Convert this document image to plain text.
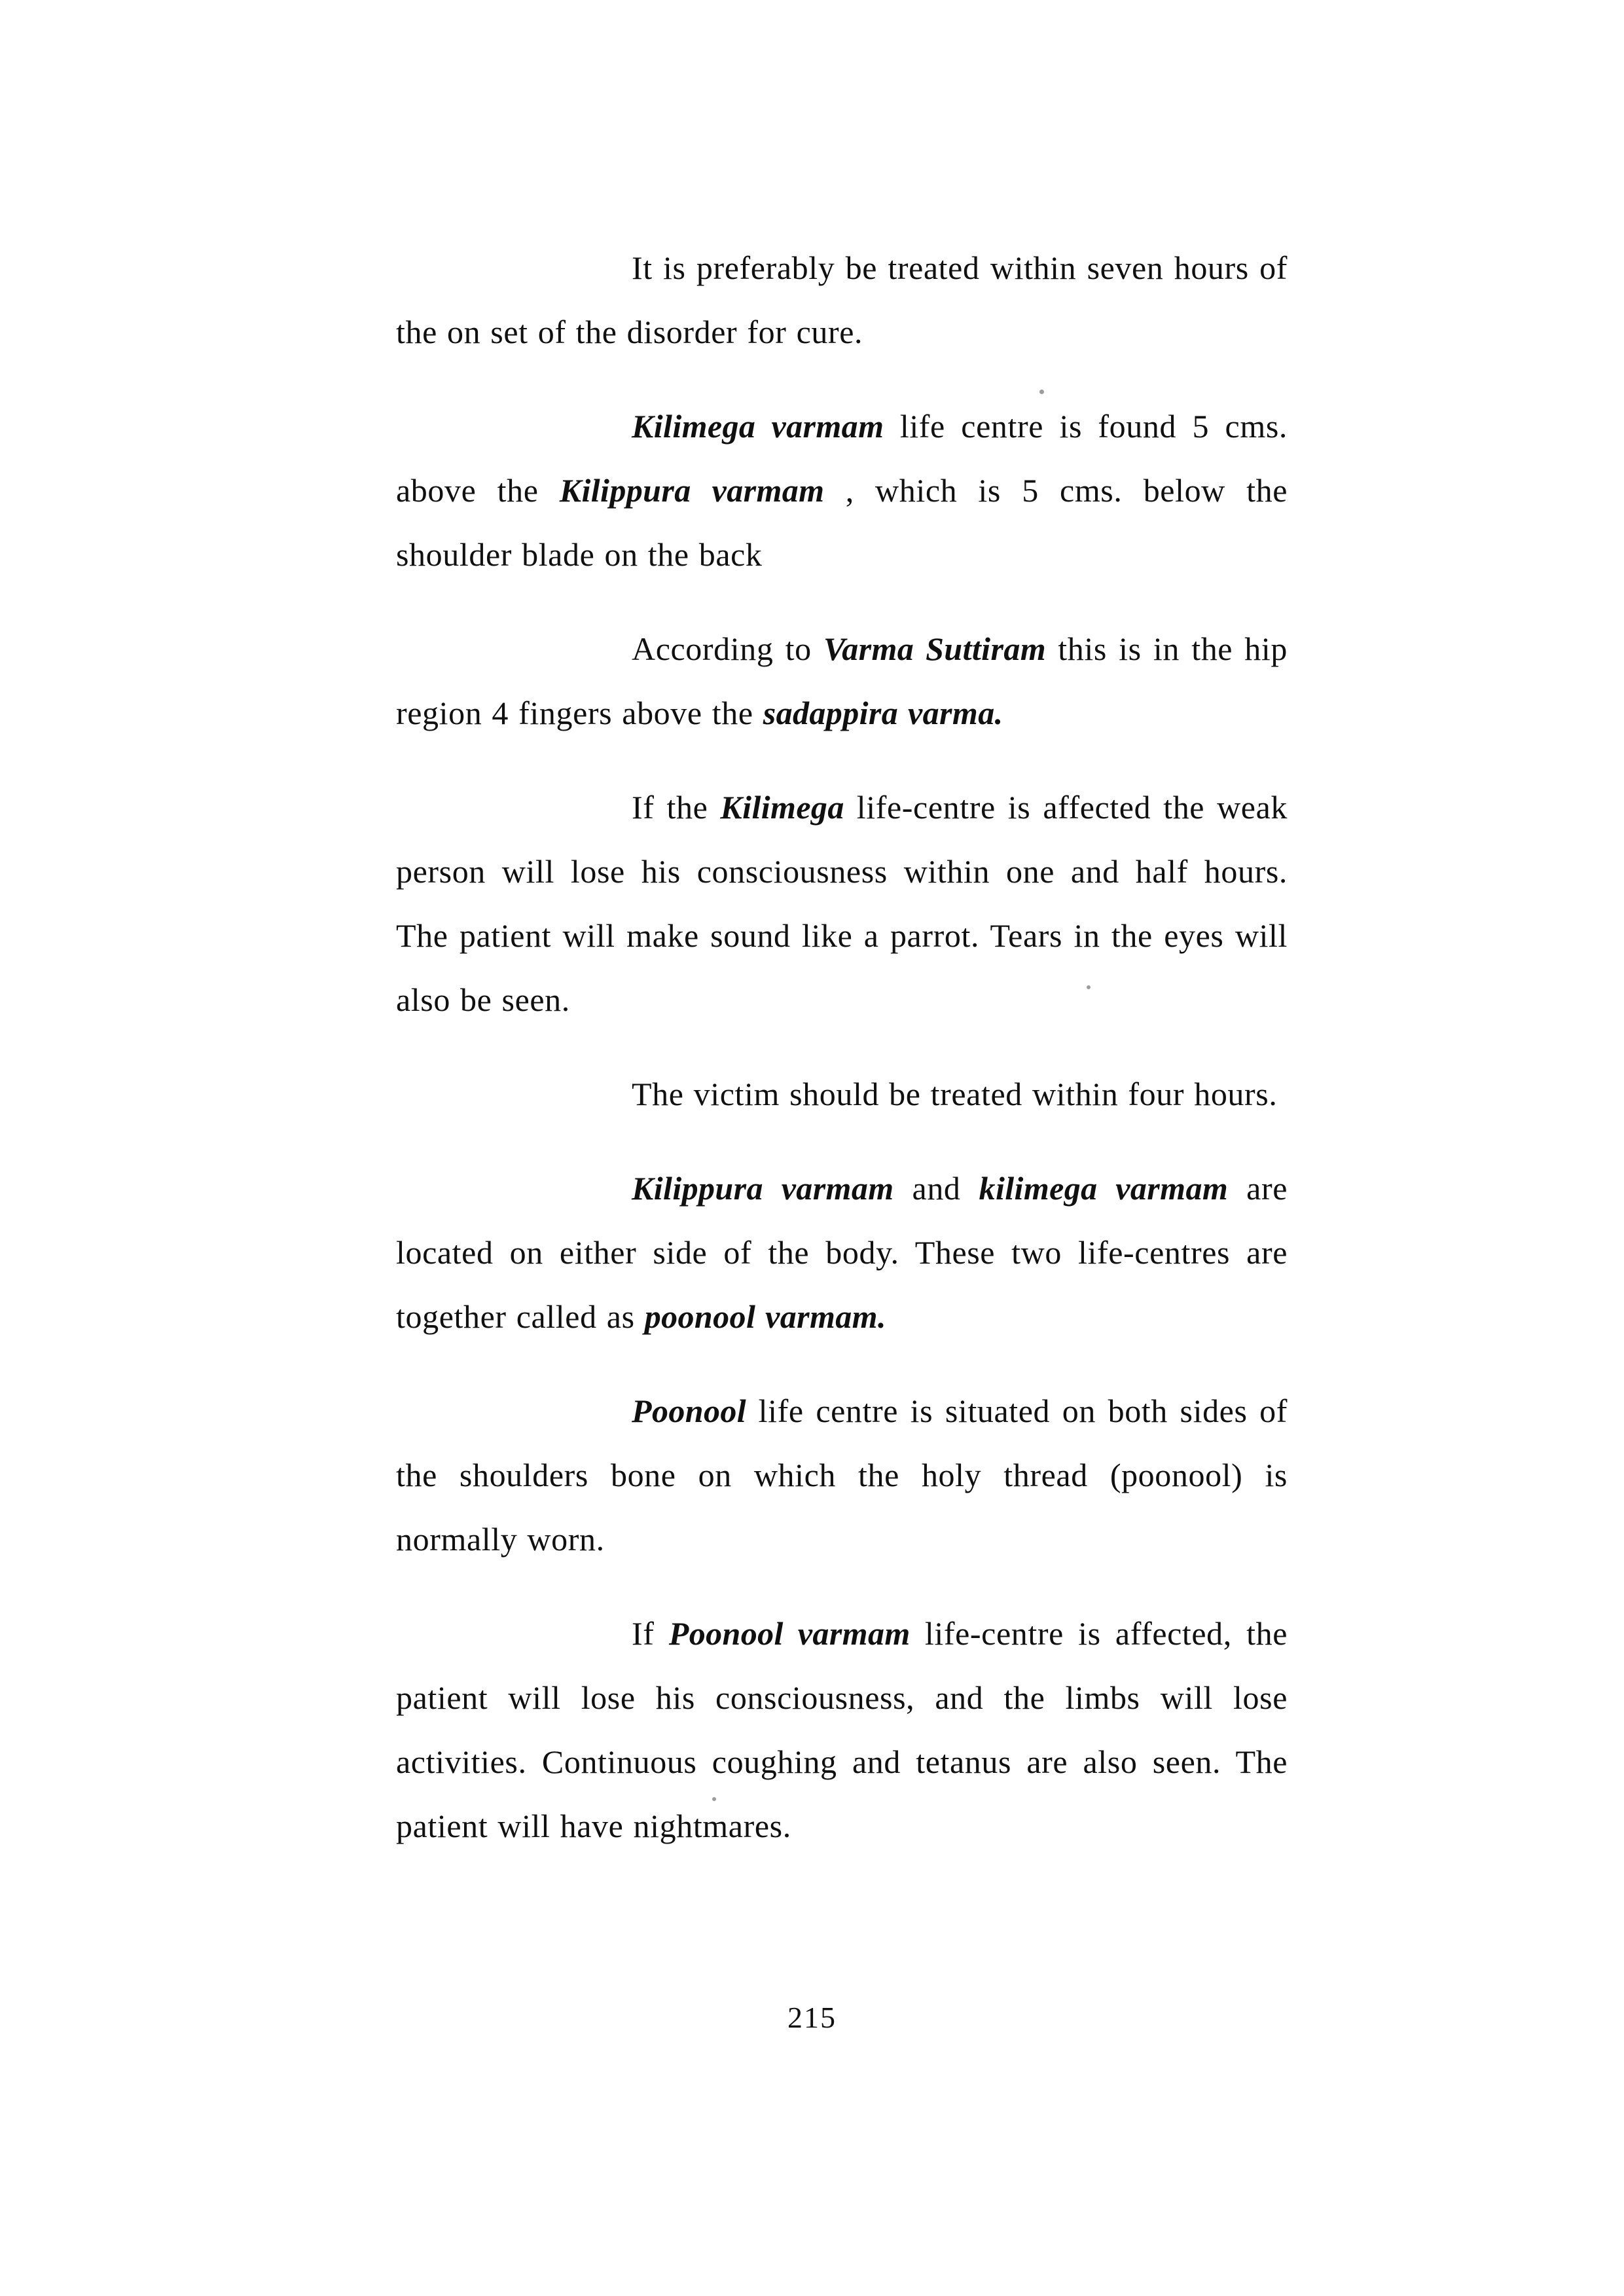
It is preferably be treated within seven hours of the on set of the disorder for cure.

Kilimega varmam life centre is found 5 cms. above the Kilippura varmam , which is 5 cms. below the shoulder blade on the back

According to Varma Suttiram this is in the hip region 4 fingers above the sadappira varma.

If the Kilimega life-centre is affected the weak person will lose his consciousness within one and half hours. The patient will make sound like a parrot. Tears in the eyes will also be seen.

The victim should be treated within four hours.

Kilippura varmam and kilimega varmam are located on either side of the body. These two life-centres are together called as poonool varmam.

Poonool life centre is situated on both sides of the shoulders bone on which the holy thread (poonool) is normally worn.

If Poonool varmam life-centre is affected, the patient will lose his consciousness, and the limbs will lose activities. Continuous coughing and tetanus are also seen. The patient will have nightmares.

215
